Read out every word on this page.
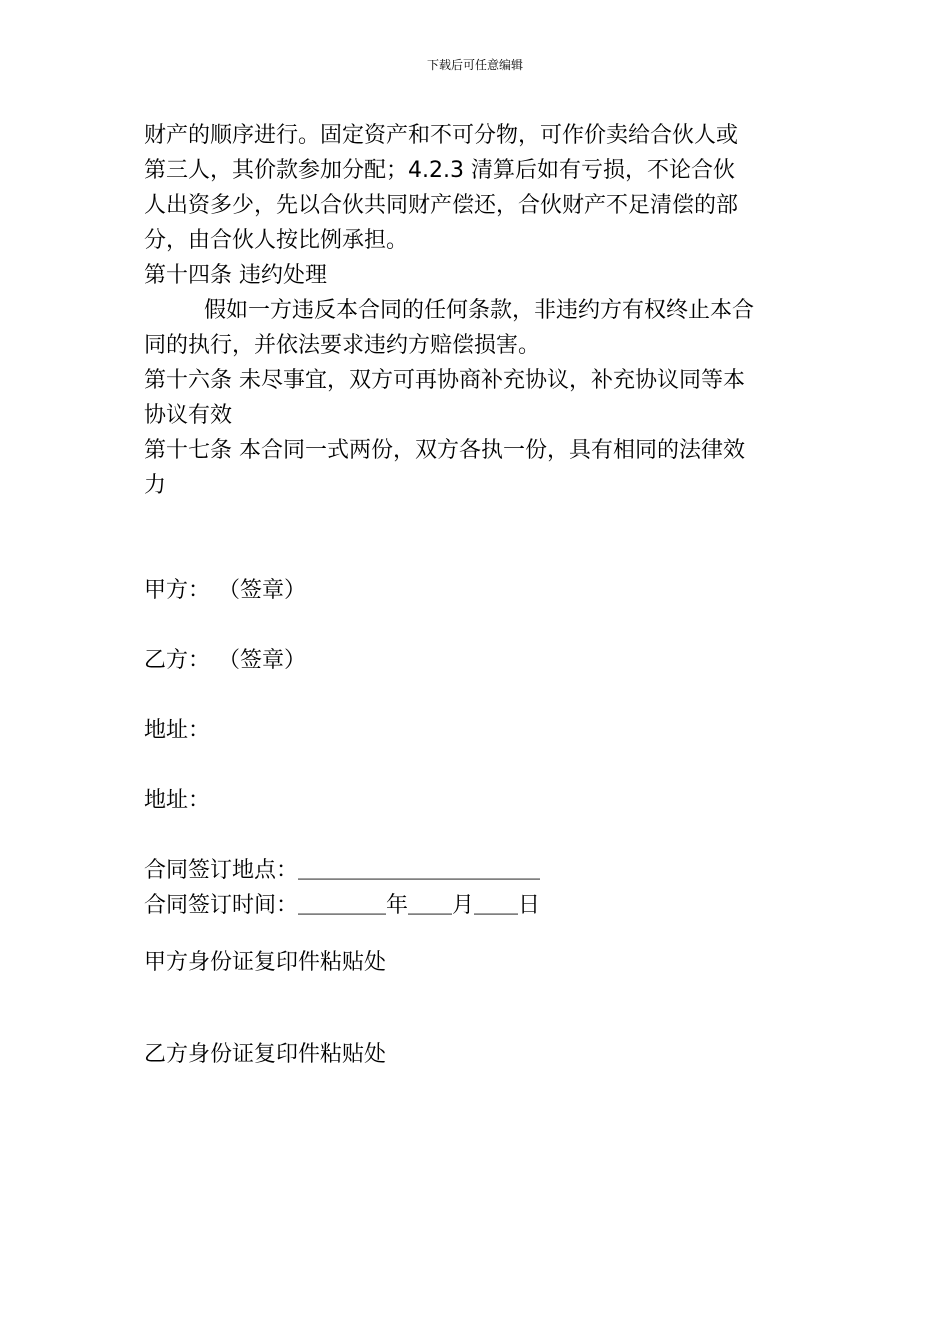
下载后可任意编辑
财产的顺序进行。固定资产和不可分物，可作价卖给合伙人或
第三人，其价款参加分配；4.2.3 清算后如有亏损，不论合伙
人出资多少，先以合伙共同财产偿还，合伙财产不足清偿的部
分，由合伙人按比例承担。
第十四条 违约处理
假如一方违反本合同的任何条款，非违约方有权终止本合
同的执行，并依法要求违约方赔偿损害。
第十六条 未尽事宜，双方可再协商补充协议，补充协议同等本
协议有效
第十七条 本合同一式两份，双方各执一份，具有相同的法律效
力
甲方： （签章）
乙方： （签章）
地址：
地址：
合同签订地点：＿＿＿＿＿＿＿＿＿＿＿
合同签订时间：＿＿＿＿年＿＿月＿＿日
甲方身份证复印件粘贴处
乙方身份证复印件粘贴处
